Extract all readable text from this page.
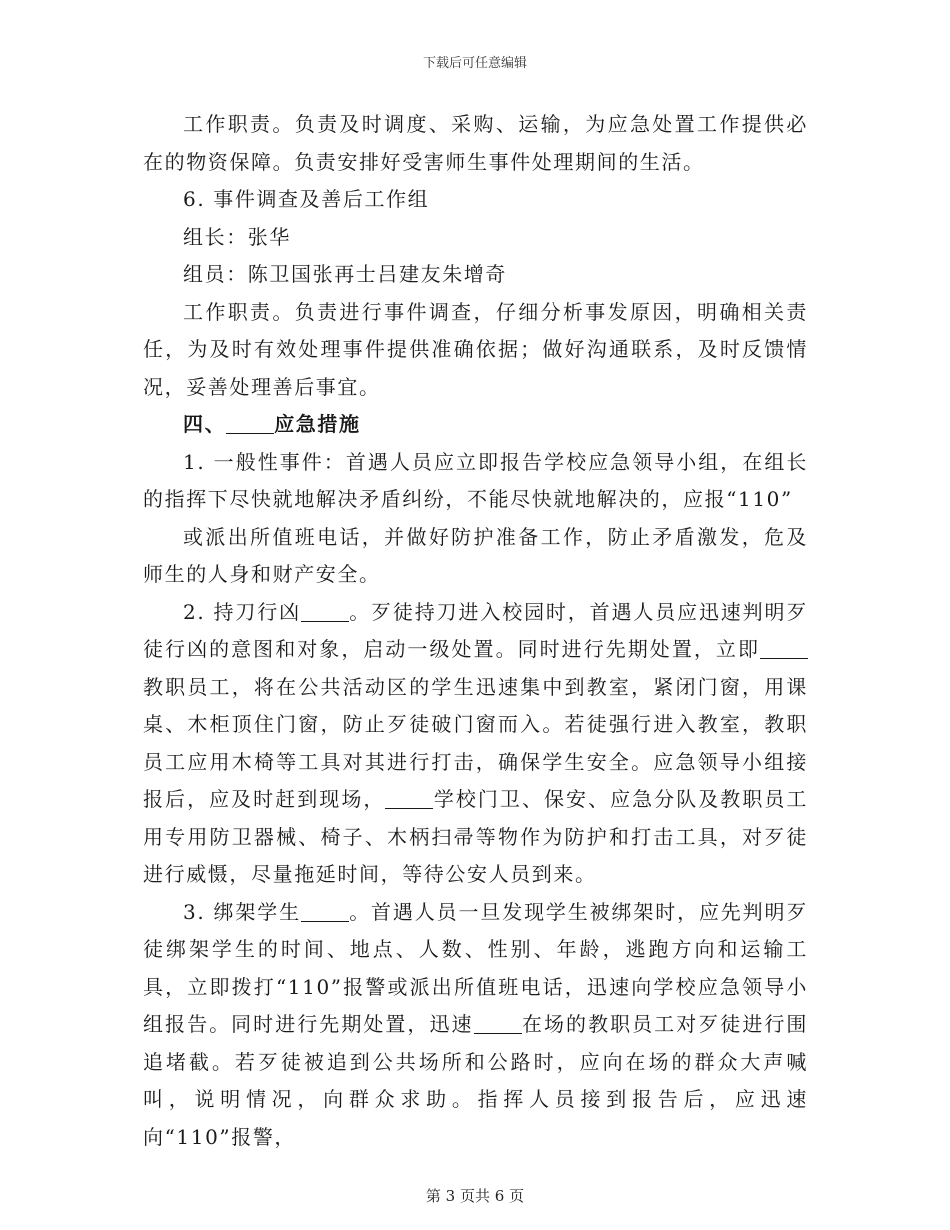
下载后可任意编辑

工作职责。负责及时调度、采购、运输，为应急处置工作提供必在的物资保障。负责安排好受害师生事件处理期间的生活。

6. 事件调查及善后工作组

组长：张华

组员：陈卫国张再士吕建友朱增奇

工作职责。负责进行事件调查，仔细分析事发原因，明确相关责任，为及时有效处理事件提供准确依据；做好沟通联系，及时反馈情况，妥善处理善后事宜。

四、 应急措施

1. 一般性事件：首遇人员应立即报告学校应急领导小组，在组长的指挥下尽快就地解决矛盾纠纷，不能尽快就地解决的，应报“110”

或派出所值班电话，并做好防护准备工作，防止矛盾激发，危及师生的人身和财产安全。

2. 持刀行凶 。歹徒持刀进入校园时，首遇人员应迅速判明歹徒行凶的意图和对象，启动一级处置。同时进行先期处置，立即教职员工，将在公共活动区的学生迅速集中到教室，紧闭门窗，用课桌、木柜顶住门窗，防止歹徒破门窗而入。若徒强行进入教室，教职员工应用木椅等工具对其进行打击，确保学生安全。应急领导小组接报后，应及时赶到现场， 学校门卫、保安、应急分队及教职员工用专用防卫器械、椅子、木柄扫帚等物作为防护和打击工具，对歹徒进行威慑，尽量拖延时间，等待公安人员到来。

3. 绑架学生 。首遇人员一旦发现学生被绑架时，应先判明歹徒绑架学生的时间、地点、人数、性别、年龄，逃跑方向和运输工具，立即拨打“110”报警或派出所值班电话，迅速向学校应急领导小组报告。同时进行先期处置，迅速 在场的教职员工对歹徒进行围追堵截。若歹徒被追到公共场所和公路时，应向在场的群众大声喊叫，说明情况，向群众求助。指挥人员接到报告后，应迅速向“110”报警，

第 3 页共 6 页
